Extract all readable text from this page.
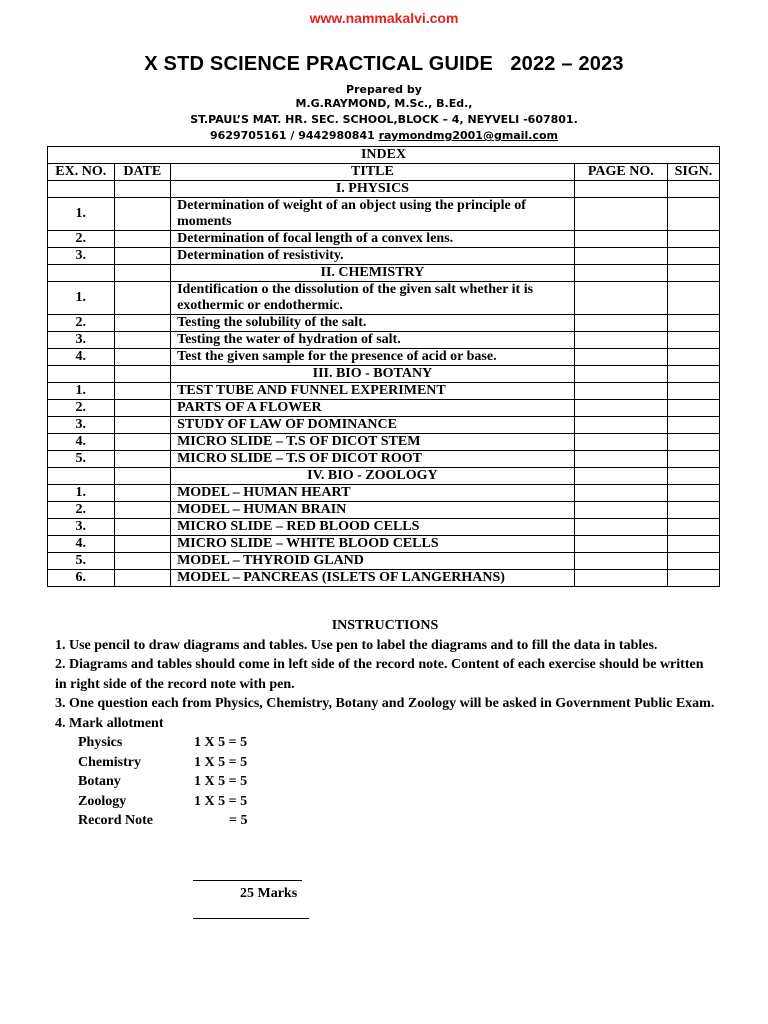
www.nammakalvi.com
X STD SCIENCE PRACTICAL GUIDE   2022 – 2023
Prepared by
M.G.RAYMOND, M.Sc., B.Ed.,
ST.PAUL’S MAT. HR. SEC. SCHOOL,BLOCK – 4, NEYVELI -607801.
9629705161 / 9442980841 raymondmg2001@gmail.com
INDEX				
EX. NO.	DATE	TITLE	PAGE NO.	SIGN.
		I. PHYSICS		
1.		Determination of weight of an object using the principle of moments		
2.		Determination of focal length of a convex lens.		
3.		Determination of resistivity.		
		II. CHEMISTRY		
1.		Identification o the dissolution of the given salt whether it is exothermic or endothermic.		
2.		Testing the solubility of the salt.		
3.		Testing the water of hydration of salt.		
4.		Test the given sample for the presence of acid or base.		
		III. BIO - BOTANY		
1.		TEST TUBE AND FUNNEL EXPERIMENT		
2.		PARTS OF A FLOWER		
3.		STUDY OF LAW OF DOMINANCE		
4.		MICRO SLIDE – T.S OF DICOT STEM		
5.		MICRO SLIDE – T.S OF DICOT ROOT		
		IV. BIO - ZOOLOGY		
1.		MODEL – HUMAN HEART		
2.		MODEL – HUMAN BRAIN		
3.		MICRO SLIDE – RED BLOOD CELLS		
4.		MICRO SLIDE – WHITE BLOOD CELLS		
5.		MODEL – THYROID GLAND		
6.		MODEL – PANCREAS (ISLETS OF LANGERHANS)		
INSTRUCTIONS

1. Use pencil to draw diagrams and tables. Use pen to label the diagrams and to fill the data in tables.

2. Diagrams and tables should come in left side of the record note. Content of each exercise should be written in right side of the record note with pen.

3. One question each from Physics, Chemistry, Botany and Zoology will be asked in Government Public Exam.

4. Mark allotment

Physics	1 X 5 = 5
Chemistry	1 X 5 = 5
Botany	1 X 5 = 5
Zoology	1 X 5 = 5
Record Note	= 5
25 Marks
